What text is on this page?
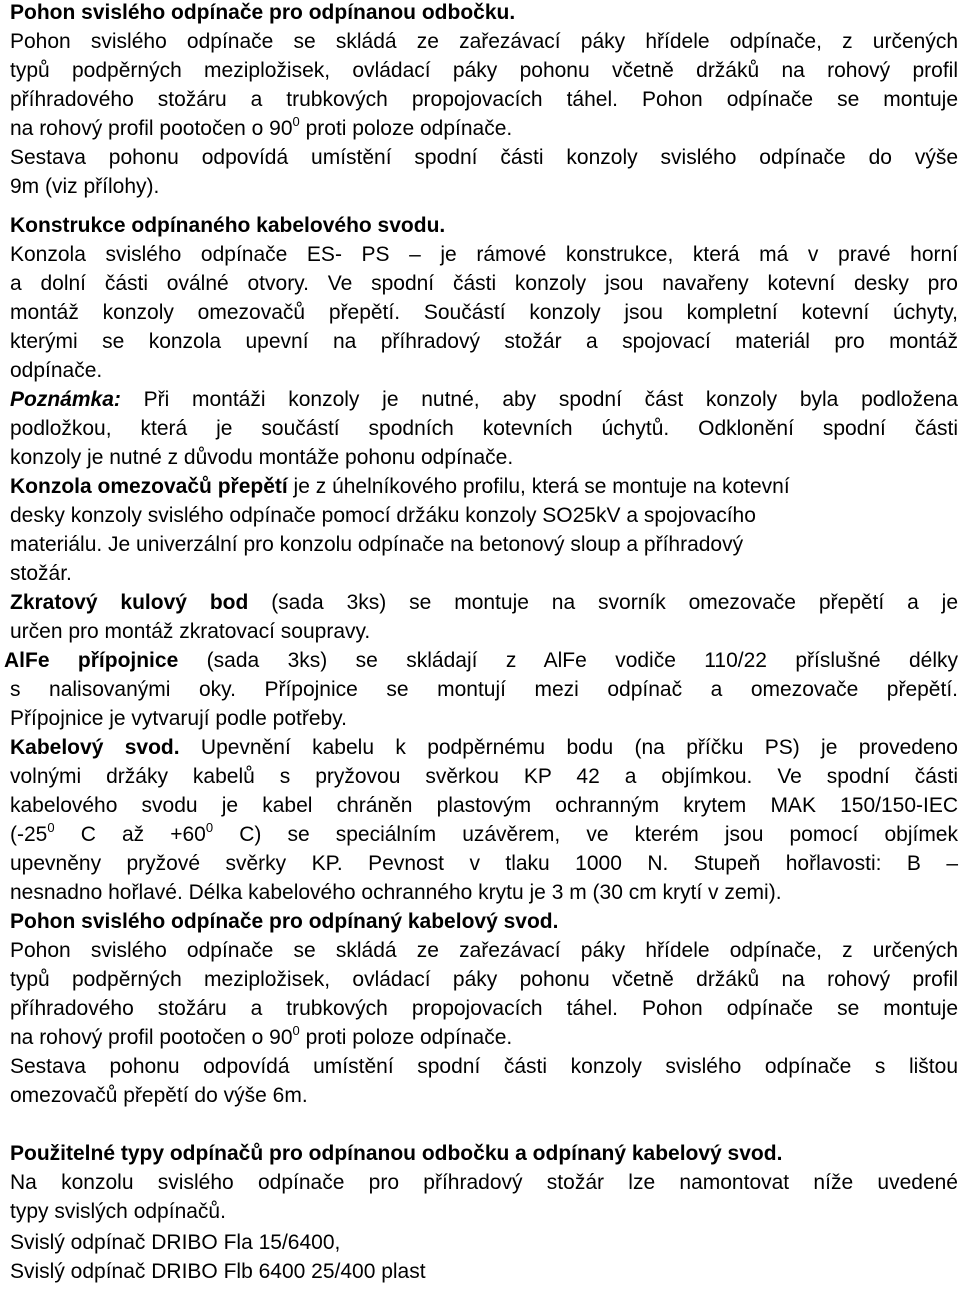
Pohon svislého odpínače pro odpínanou odbočku.
Pohon svislého odpínače se skládá ze zařezávací páky hřídele odpínače, z určených
typů podpěrných mezipložisek, ovládací páky pohonu včetně držáků na rohový profil
příhradového stožáru a trubkových propojovacích táhel. Pohon odpínače se montuje
na rohový profil pootočen o $90^0$ proti poloze odpínače.
Sestava pohonu odpovídá umístění spodní části konzoly svislého odpínače do výše
9m (viz přílohy).
Konstrukce odpínaného kabelového svodu.
Konzola svislého odpínače ES- PS – je rámové konstrukce, která má v pravé horní
a dolní části oválné otvory. Ve spodní části konzoly jsou navařeny kotevní desky pro
montáž konzoly omezovačů přepětí. Součástí konzoly jsou kompletní kotevní úchyty,
kterými se konzola upevní na příhradový stožár a spojovací materiál pro montáž
odpínače.
Poznámka: Při montáži konzoly je nutné, aby spodní část konzoly byla podložena
podložkou, která je součástí spodních kotevních úchytů. Odklonění spodní části
konzoly je nutné z důvodu montáže pohonu odpínače.
Konzola omezovačů přepětí je z úhelníkového profilu, která se montuje na kotevní
desky konzoly svislého odpínače pomocí držáku konzoly SO25kV a spojovacího
materiálu. Je univerzální pro konzolu odpínače na betonový sloup a příhradový
stožár.
Zkratový kulový bod (sada 3ks) se montuje na svorník omezovače přepětí a je
určen pro montáž zkratovací soupravy.
AlFe přípojnice (sada 3ks) se skládají z AlFe vodiče 110/22 příslušné délky
s nalisovanými oky. Přípojnice se montují mezi odpínač a omezovače přepětí.
Přípojnice je vytvarují podle potřeby.
Kabelový svod. Upevnění kabelu k podpěrnému bodu (na příčku PS) je provedeno
volnými držáky kabelů s pryžovou svěrkou KP 42 a objímkou. Ve spodní části
kabelového svodu je kabel chráněn plastovým ochranným krytem MAK 150/150-IEC
($-25^0$ C až $+60^0$ C) se speciálním uzávěrem, ve kterém jsou pomocí objímek
upevněny pryžové svěrky KP. Pevnost v tlaku 1000 N. Stupeň hořlavosti: B –
nesnadno hořlavé. Délka kabelového ochranného krytu je 3 m (30 cm krytí v zemi).
Pohon svislého odpínače pro odpínaný kabelový svod.
Pohon svislého odpínače se skládá ze zařezávací páky hřídele odpínače, z určených
typů podpěrných mezipložisek, ovládací páky pohonu včetně držáků na rohový profil
příhradového stožáru a trubkových propojovacích táhel. Pohon odpínače se montuje
na rohový profil pootočen o $90^0$ proti poloze odpínače.
Sestava pohonu odpovídá umístění spodní části konzoly svislého odpínače s lištou
omezovačů přepětí do výše 6m.
Použitelné typy odpínačů pro odpínanou odbočku a odpínaný kabelový svod.
Na konzolu svislého odpínače pro příhradový stožár lze namontovat níže uvedené
typy svislých odpínačů.
Svislý odpínač DRIBO Fla 15/6400,
Svislý odpínač DRIBO Flb 6400 25/400 plast
